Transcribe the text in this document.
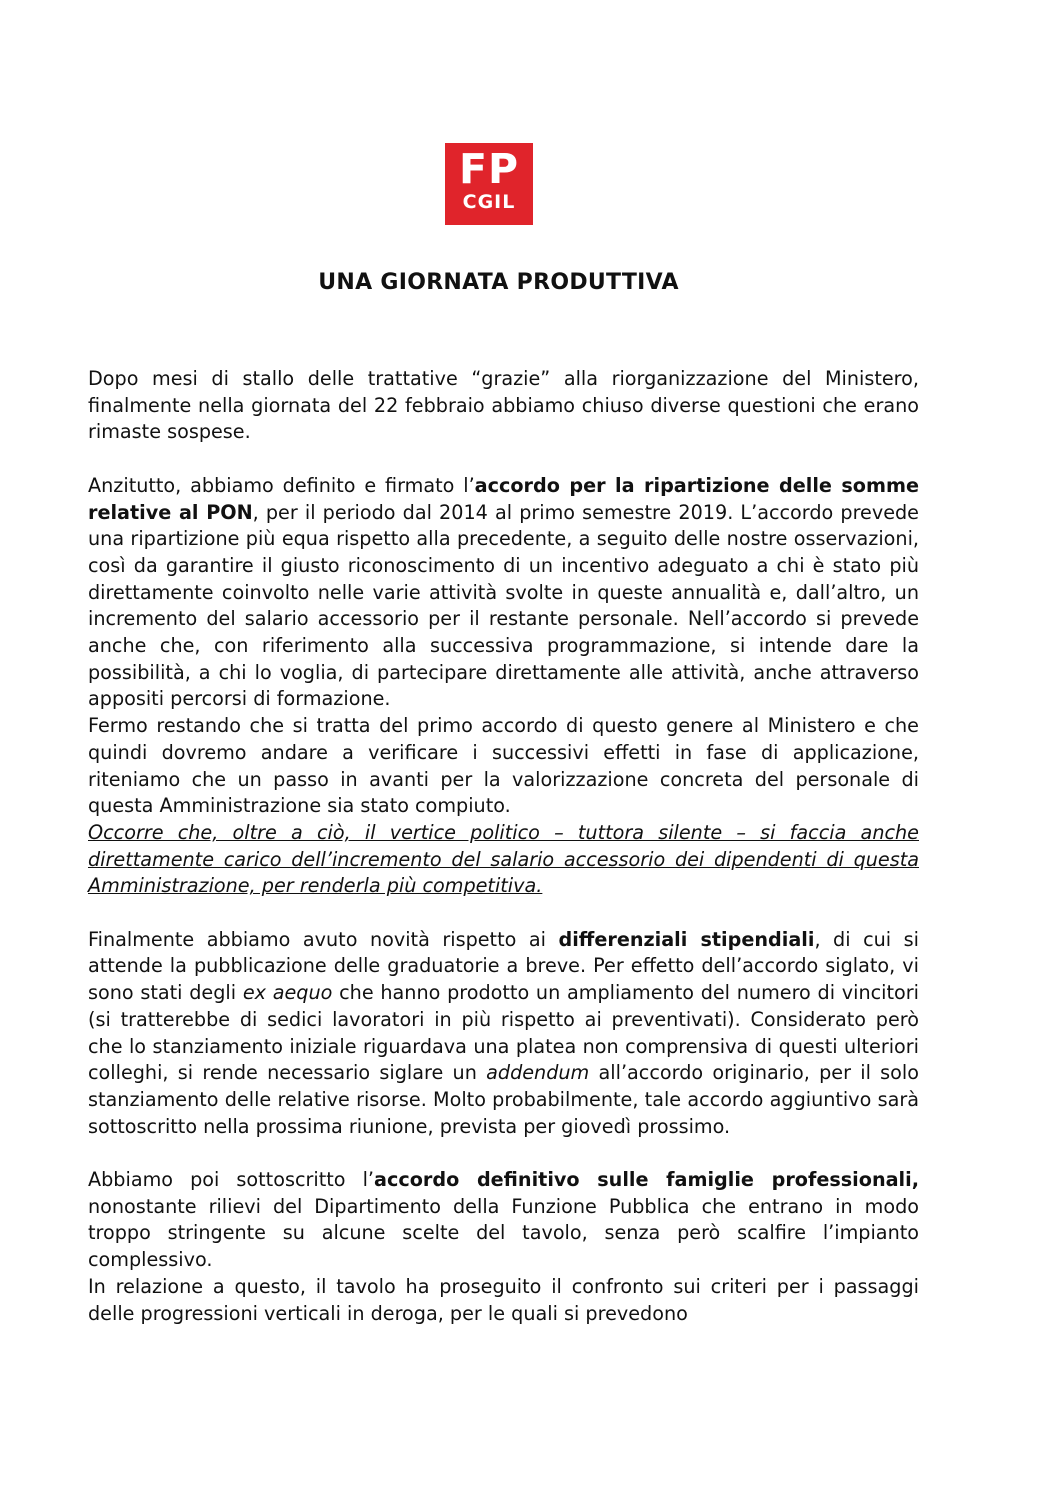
FP
CGIL
UNA GIORNATA PRODUTTIVA

Dopo mesi di stallo delle trattative “grazie” alla riorganizzazione del Ministero, finalmente nella giornata del 22 febbraio abbiamo chiuso diverse questioni che erano rimaste sospese.

Anzitutto, abbiamo definito e firmato l’accordo per la ripartizione delle somme relative al PON, per il periodo dal 2014 al primo semestre 2019. L’accordo prevede una ripartizione più equa rispetto alla precedente, a seguito delle nostre osservazioni, così da garantire il giusto riconoscimento di un incentivo adeguato a chi è stato più direttamente coinvolto nelle varie attività svolte in queste annualità e, dall’altro, un incremento del salario accessorio per il restante personale. Nell’accordo si prevede anche che, con riferimento alla successiva programmazione, si intende dare la possibilità, a chi lo voglia, di partecipare direttamente alle attività, anche attraverso appositi percorsi di formazione.

Fermo restando che si tratta del primo accordo di questo genere al Ministero e che quindi dovremo andare a verificare i successivi effetti in fase di applicazione, riteniamo che un passo in avanti per la valorizzazione concreta del personale di questa Amministrazione sia stato compiuto.

Occorre che, oltre a ciò, il vertice politico – tuttora silente – si faccia anche direttamente carico dell’incremento del salario accessorio dei dipendenti di questa Amministrazione, per renderla più competitiva.

Finalmente abbiamo avuto novità rispetto ai differenziali stipendiali, di cui si attende la pubblicazione delle graduatorie a breve. Per effetto dell’accordo siglato, vi sono stati degli ex aequo che hanno prodotto un ampliamento del numero di vincitori (si tratterebbe di sedici lavoratori in più rispetto ai preventivati). Considerato però che lo stanziamento iniziale riguardava una platea non comprensiva di questi ulteriori colleghi, si rende necessario siglare un addendum all’accordo originario, per il solo stanziamento delle relative risorse. Molto probabilmente, tale accordo aggiuntivo sarà sottoscritto nella prossima riunione, prevista per giovedì prossimo.

Abbiamo poi sottoscritto l’accordo definitivo sulle famiglie professionali, nonostante rilievi del Dipartimento della Funzione Pubblica che entrano in modo troppo stringente su alcune scelte del tavolo, senza però scalfire l’impianto complessivo.

In relazione a questo, il tavolo ha proseguito il confronto sui criteri per i passaggi delle progressioni verticali in deroga, per le quali si prevedono
